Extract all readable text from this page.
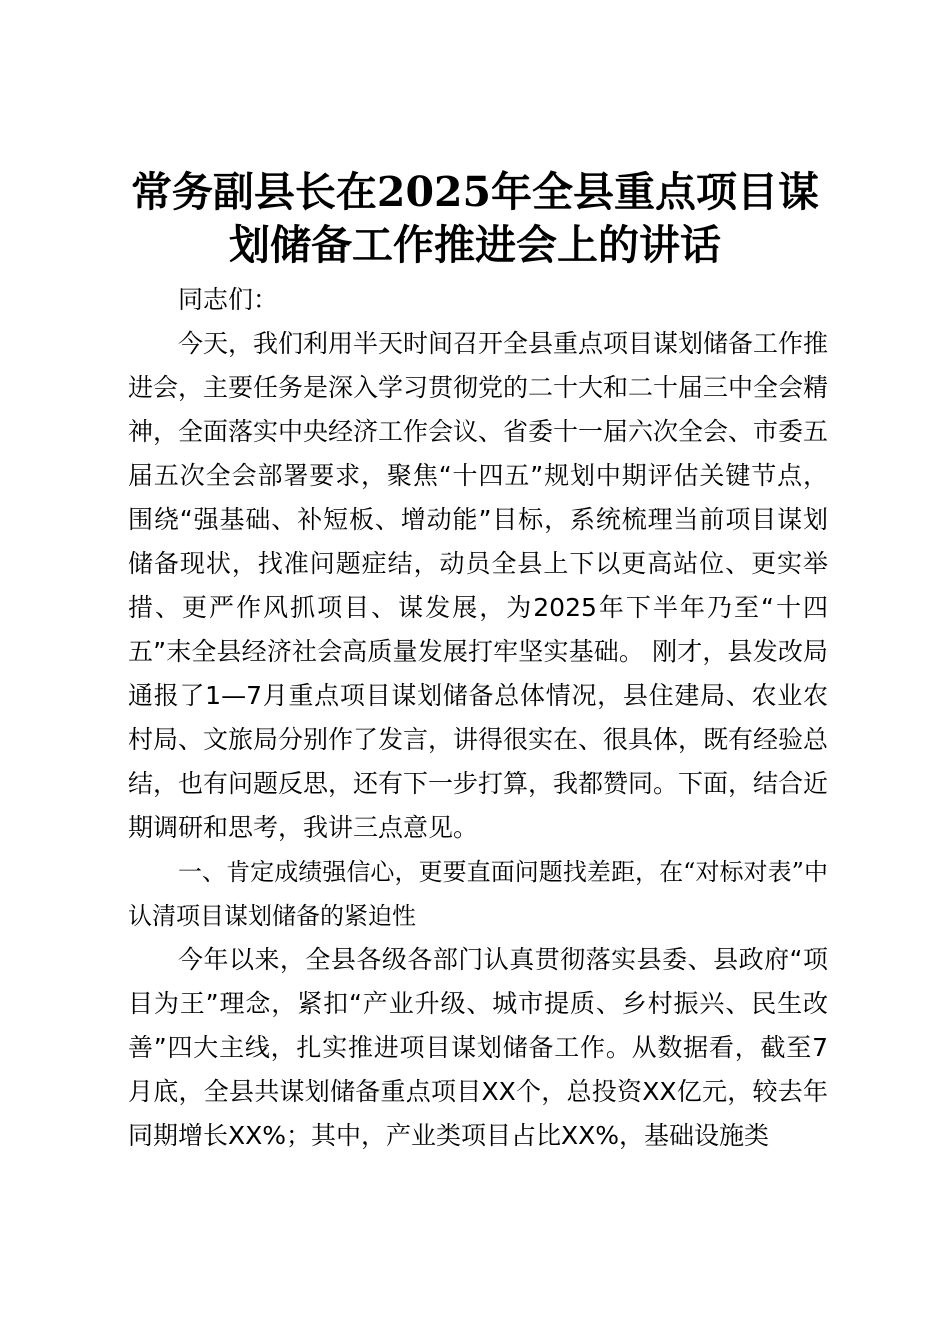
常务副县长在2025年全县重点项目谋划储备工作推进会上的讲话

同志们：

今天，我们利用半天时间召开全县重点项目谋划储备工作推进会，主要任务是深入学习贯彻党的二十大和二十届三中全会精神，全面落实中央经济工作会议、省委十一届六次全会、市委五届五次全会部署要求，聚焦“十四五”规划中期评估关键节点，围绕“强基础、补短板、增动能”目标，系统梳理当前项目谋划储备现状，找准问题症结，动员全县上下以更高站位、更实举措、更严作风抓项目、谋发展，为2025年下半年乃至“十四五”末全县经济社会高质量发展打牢坚实基础。 刚才，县发改局通报了1—7月重点项目谋划储备总体情况，县住建局、农业农村局、文旅局分别作了发言，讲得很实在、很具体，既有经验总结，也有问题反思，还有下一步打算，我都赞同。下面，结合近期调研和思考，我讲三点意见。

一、肯定成绩强信心，更要直面问题找差距，在“对标对表”中认清项目谋划储备的紧迫性

今年以来，全县各级各部门认真贯彻落实县委、县政府“项目为王”理念，紧扣“产业升级、城市提质、乡村振兴、民生改善”四大主线，扎实推进项目谋划储备工作。从数据看，截至7月底，全县共谋划储备重点项目XX个，总投资XX亿元，较去年同期增长XX%；其中，产业类项目占比XX%，基础设施类
